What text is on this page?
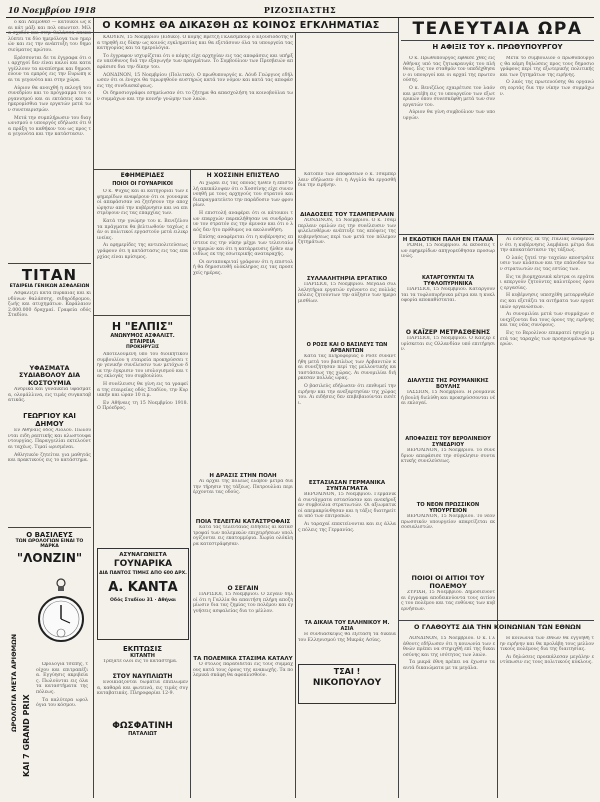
10 Νοεμβρίου 1918	ΡΙΖΟΣΠΑΣΤΗΣ
Ο ΚΟΜΗΣ ΘΑ ΔΙΚΑΣΘΗ ΩΣ ΚΟΙΝΟΣ ΕΓΚΛΗΜΑΤΙΑΣ

ο και Λαιμοθέσ — κάτοικοι ως και κάτ μάξι και πολ οπωντεσ. Μίλα σχεδόν και στην θαλάσσα αποκαλύπτει τα δύο ημερόλογα των ημερών και εις την ανάπτυξη του δημοσιεύματος πρώτου.

Ερέσσονται δε τα έγγραφα ότι οι αρχηγοί δεν είναι καλοί και καταγγέλλουν τα ανεπίσημα και δημοσιεύουν τα εμπρός εις την Ευρώπη και τα γεγονότα και στην χώρα.

Αύριον θα ανοιχθή η εκλογή του συνεδρίου και το πρόγραμμα του οργανισμού και αι εκτάσεις και τα ημερομίσθια των εργατών μετά των συνεταιρισμών.

Μετά την συμπλήρωσιν του διαγωνισμού ο υπουργός εδήλωσε ότι θα πράξη το καθήκον του ως προς τα γεγονότα και την κατάστασιν.

ΤΙΤΑΝ
ΕΤΑΙΡΕΙΑ ΓΕΝΙΚΩΝ ΑΣΦΑΛΕΙΩΝ

Ασφαλίζει κατά πυρκαϊάς και κινδύνων θαλάσσης, σιδηρόδρομου, ζωής και ατυχημάτων. Κεφάλαιον 2.000.000 δραχμαί. Γραφεία οδός Σταδίου.

ΥΦΑΣΜΑΤΑ ΣΥΔΙΑΒΟΛΟΥ ΔΙΑ ΚΟΣΤΟΥΜΙΑ

Ανδρικά και γυναικεία υφάσματα, ολομάλλινα, εις τιμάς συγκαταβατικάς.

ΓΕΩΡΓΙΟΥ ΚΑΙ ΔΗΜΟΥ

Εν Αθήναις οδός Αιόλου. Πωλούνται ειδη ραπτικής και κλωστουφαντουργίας. Παραγγελίαι εκτελούνται ταχέως. Τιμαί ωρισμέναι.

Αθλητικόν ζητείται για μαθητάς και πρακτικούς εις το κατάστημα.

Ο ΒΑΣΙΛΕΥΣ
ΤΩΝ ΩΡΟΛΟΓΙΩΝ ΕΙΝΑΙ ΤΟ ΜΑΡΚΑ
"ΛΟΝΖΙΝ"
ΩΡΟΛΟΓΙΑ ΜΕΤΑ ΑΡΙΘΜΩΝ
ΚΑΙ 7 GRAND PRIX

Ωρολόγια τσέπης, τοίχου και επιτραπέζια. Εγγύησις ακριβείας. Πωλούνται εις όλα τα καταστήματα της πόλεως.

Τα καλύτερα ωρολόγια του κόσμου.

ΚΑΟΥΕΝ, 15 Νοεμβρίου (Ειδικό). Ο κόμης Βρέτζη Γκλάσμπουρ ο Εξουσιοδότης θα τηρηθή εις δίκην ως κοινός εγκληματίας και θα εξετάσουν όλα τα υπουργεία τας κατηγορίας και τα ημερολόγια.

Το έγγραφον ισχυρίζεται ότι ο κόμης είχε αρχηγίαν εις τας αποφάσεις και υπήρξεν υπεύθυνος διά την εξαγωγήν των πραγμάτων. Το Συμβούλιον των Πρεσβειών απεφάσισε δια την δίκην του.

ΛΟΝΔΙΝΟΝ, 15 Νοεμβρίου (Πολιτικό). Ο πρωθυπουργός κ. Λόυδ Γεώργιος εδήλωσεν ότι οι ένοχοι θα τιμωρηθούν αυστηρώς κατά τον νόμον και κατά τας αποφάσεις της συνδιασκέψεως.

Οι δημοσιογράφοι εσημείωσαν ότι το ζήτημα θα απασχολήση τα κοινοβούλια των συμμάχων και την κοινήν γνώμην των λαών.

ΕΦΗΜΕΡΙΔΕΣ
ΠΟΙΟΙ ΟΙ ΓΟΥΝΑΡΙΚΟΙ

Ο κ. Ψύχας και αι κατηγορίαι των εφημερίδων αναφέρουν ότι οι γουναρικοί απεφάσισαν να ζητήσουν την αποχώρησιν από την κυβέρνησιν και να επιστρέψουν εις τας επαρχίας των.

Κατά την γνώμην του κ. Βενιζέλου τα πράγματα θα βελτιωθούν ταχέως εάν οι πολιτικοί εργαστούν μετά ειλικρινείας.

Αι εφημερίδες της αντιπολιτεύσεως γράφουν ότι η κατάστασις εις τας επαρχίας είναι κρίσιμος.

Η "ΕΛΠΙΣ"
ΑΝΩΝΥΜΟΣ ΑΣΦΑΛΙΣΤ. ΕΤΑΙΡΕΙΑ
ΠΡΟΚΗΡΥΞΙΣ

Αποτελούμενη υπό του διοικητικού συμβουλίου η εταιρεία προκηρύσσει την γενικήν συνέλευσιν των μετόχων δια την έγκρισιν του ισολογισμού και τας εκλογάς του συμβουλίου.

Η συνέλευσις θα γίνη εις τα γραφεία της εταιρείας οδός Σταδίου, την Κυριακήν και ώραν 10 π.μ.

Εν Αθήναις τη 15 Νοεμβρίου 1918. Ο Πρόεδρος.

ΑΣΥΝΑΓΩΝΙΣΤΑ
ΓΟΥΝΑΡΙΚΑ
ΔΙΑ ΠΑΝΤΟΣ ΤΙΜΗΣ ΑΠΟ 600 ΔΡΧ.
Α. ΚΑΝΤΑ
Οδός Σταδίου 31 · Αθήναι
ΕΚΠΤΩΣΙΣ
ΚΙΤΑΝΤΗ

Τρέξατε όλοι εις το κατάστημα.

ΣΤΟΥ ΝΑΥΠΛΙΩΤΗ

Ενοικιάζονται δωμάτια επιπλωμένα, καθαρά και φωτεινά, εις τιμάς συγκαταβατικάς. Πληροφορίαι 12-9.

ΦΩΣΦΑΤΙΝΗ
ΠΑΤΑΛΙΩΤ
Η ΧΟΣΣΙΝΗ ΕΠΙΣΤΕΛΟ

Αι χώραι εις τας οποίας ήλθεν η επιστολή απεκάλυψαν ότι ο Χοσσίνης είχε συνεννοηθή με τους αρχηγούς του στρατού και διεπραγματεύετο την παράδοσιν των φρουρίων.

Η επιστολή αναφέρει ότι οι κάτοικοι των επαρχιών παρεκλήθησαν να συνδράμουν τον στρατόν εις την άμυναν και ότι ο λαός δεν ήτο πρόθυμος να ακολουθήση.

Επίσης αναφέρεται ότι η κυβέρνησις επίστευε εις την νίκην μέχρι των τελευταίων ημερών και ότι η κατάρρευσις ήλθεν αιφνιδίως εκ της εσωτερικής αναταραχής.

Οι ανταποκριταί γράφουν ότι η επιστολή θα δημοσιευθή ολόκληρος εις τας προσεχείς ημέρας.

Η ΔΡΑΣΙΣ ΣΤΗΝ ΠΟΛΗ

Αι αρχαί της πόλεως έλαβον μέτρα δια την τήρησιν της τάξεως. Πατρουλλαι περιέρχονται τας οδούς.

ΠΟΙΑ ΤΕΛΕΙΤΑΙ ΚΑΤΑΣΤΡΟΦΑΙΣ

Κατά τας τελευταίας ειδήσεις αι καταστροφαί των πολεμικών επιχειρήσεων υπολογίζονται εις εκατομμύρια. Χωρία ολόκληρα κατεστράφησαν.

Ο ΣΕΓΑΙΝ

ΠΑΡΙΣΙΟΙ, 15 Νοεμβρίου. Ο Σεγαίν δηλοί ότι η Γαλλία θα απαιτήση πλήρη αποζημίωσιν δια τας ζημίας του πολέμου και εγγυήσεις ασφαλείας δια το μέλλον.

ΤΑ ΠΟΛΕΜΙΚΑ ΣΤΑΣΙΜΑ ΚΑΤΑΛΥ

Ο στόλος παραδίδεται εις τους συμμάχους κατά τους όρους της ανακωχής. Τα πολεμικά σκάφη θα αφοπλισθούν.

Κατόπιν των αποφάσεων ο κ. Τσάμπερλαιν εδήλωσεν ότι η Αγγλία θα εργασθή δια την ειρήνην.

ΔΙΑΔΟΣΕΙΣ ΤΟΥ ΤΣΑΜΠΕΡΛΑΙΝ

ΛΟΝΔΙΝΟΝ, 15 Νοεμβρίου. Ο κ. Τσάμπερλαιν ομιλών εις την συνέλευσιν των φιλελευθέρων ανέπτυξε τας απόψεις της κυβερνήσεως περί των μετά τον πόλεμον ζητημάτων.

ΣΥΛΛΑΛΗΤΗΡΙΑ ΕΡΓΑΤΙΚΟ

ΠΑΡΙΣΙΟΙ, 15 Νοεμβρίου. Μεγάλα συλλαλητήρια εργατών εγένοντο εις πολλάς πόλεις ζητούντων την αύξησιν των ημερομισθίων.

Ο ΡΟΣΕ ΚΑΙ Ο ΒΑΣΙΛΕΥΣ ΤΩΝ ΑΡΒΑΝΙΤΩΝ

Κατά τας πληροφορίας ο Ροσέ συναντήθη μετά του βασιλέως των Αρβανιτών και συνεζήτησαν περί της μελλοντικής καταστάσεως της χώρας. Αι συνομιλίαι διήρκεσαν πολλάς ώρας.

Ο βασιλεύς εδήλωσεν ότι επιθυμεί την ειρήνην και την ανεξαρτησίαν της χώρας του. Αι ειδήσεις δεν επιβεβαιούνται εισέτι.

ΕΣΤΑΣΙΑΣΑΝ ΓΕΡΜΑΝΙΚΑ ΣΥΝΤΑΓΜΑΤΑ

ΒΕΡΟΛΙΝΟΝ, 15 Νοεμβρίου. Γερμανικά συντάγματα εστασίασαν και ανεκήρυξαν συμβούλια στρατιωτών. Οι αξιωματικοί απεμακρύνθησαν και η τάξις διατηρείται υπό των επιτροπών.

Αι ταραχαί επεκτείνονται και εις άλλας πόλεις της Γερμανίας.

ΤΑ ΔΙΚΑΙΑ ΤΟΥ ΕΛΛΗΝΙΚΟΥ Μ. ΑΣΙΑ

Η συνδιάσκεψις θα εξετάση τα δίκαια του Ελληνισμού της Μικράς Ασίας.

ΤΣΑΙ !
ΝΙΚΟΠΟΥΛΟΥ
ΤΕΛΕΥΤΑΙΑ ΩΡΑ
Η ΑΦΙΞΙΣ ΤΟΥ κ. ΠΡΩΘΥΠΟΥΡΓΟΥ

Ο κ. Πρωθυπουργός εφθασε χθες εις Αθήνας υπό τας ζητωκραυγάς του πλήθους. Εις τον σταθμόν τον υπεδέχθησαν οι υπουργοί και οι αρχαί της πρωτευούσης.

Ο κ. Βενιζέλος εχαιρέτισε τον λαόν και μετέβη εις το υπουργείον των εξωτερικών όπου συνεσκέφθη μετά των συνεργατών του.

Αύριον θα γίνη συμβούλιον των υπουργών.

Μετά το συμβούλιον ο πρωθυπουργός θα κάμη δηλώσεις προς τους δημοσιογράφους περί της εξωτερικής πολιτικής και των ζητημάτων της ειρήνης.

Ο λαός της πρωτευούσης θα οργανώση εορτάς δια την νίκην των συμμάχων.

Η ΕΚΔΟΤΙΚΗ ΠΑΛΗ ΕΝ ΙΤΑΛΙΑ

ΡΩΜΗ, 15 Νοεμβρίου. Αι εκδόσεις των εφημερίδων απηγορεύθησαν προσωρινώς.

ΚΑΤΑΡΓΟΥΝΤΑΙ ΤΑ ΤΥΦΛΟΠΥΡΗΝΙΚΑ

ΠΑΡΙΣΙΟΙ, 15 Νοεμβρίου. Καταργούνται τα τυφλοπυρήνικα μέτρα και η κυκλοφορία αποκαθίσταται.

Ο ΚΑΪΖΕΡ ΜΕΤΡΑΣΘΕΝΗΣ

ΠΑΡΙΣΙΟΙ, 15 Νοεμβρίου. Ο Καϊζερ ευρίσκεται εις Ολλανδίαν υπό επιτήρησιν.

ΔΙΑΛΥΣΙΣ ΤΗΣ ΡΟΥΜΑΝΙΚΗΣ ΒΟΥΛΗΣ

ΙΑΣΣΙΟΝ, 15 Νοεμβρίου. Η ρουμανική βουλή διελύθη και προκηρύσσονται νέαι εκλογαί.

ΑΠΟΦΑΣΕΙΣ ΤΟΥ ΒΕΡΟΛΙΝΕΙΟΥ ΣΥΝΕΔΡΙΟΥ

ΒΕΡΟΛΙΝΟΝ, 15 Νοεμβρίου. Το συνέδριον απεφάσισε την σύγκλησιν συντακτικής συνελεύσεως.

ΤΟ ΝΕΟΝ ΠΡΩΣΣΙΚΟΝ ΥΠΟΥΡΓΕΙΟΝ

ΒΕΡΟΛΙΝΟΝ, 15 Νοεμβρίου. Το νέον πρωσσικόν υπουργείον απαρτίζεται εκ σοσιαλιστών.

ΠΟΙΟΙ ΟΙ ΑΙΤΙΟΙ ΤΟΥ ΠΟΛΕΜΟΥ

ΖΥΡΙΧΗ, 15 Νοεμβρίου. Δημοσιεύονται έγγραφα αποδεικνύοντα τους αιτίους του πολέμου και τας ευθύνας των κυβερνήσεων.

Αι ειδήσεις εκ της Ιταλίας αναφέρουν ότι η κυβέρνησις λαμβάνει μέτρα δια την αποκατάστασιν της τάξεως.

Ο λαός ζητεί την ταχείαν αποστράτευσιν των κλάσεων και την επάνοδον των στρατιωτών εις τας εστίας των.

Εις τα βιομηχανικά κέντρα οι εργάται απεργούν ζητούντες καλυτέρους όρους εργασίας.

Η κυβέρνησις υπεσχέθη μεταρρυθμίσεις και εξετάζει τα αιτήματα των εργατικών οργανώσεων.

Αι συνομιλίαι μετά των συμμάχων συνεχίζονται δια τους όρους της ειρήνης και τας νέας συνόρους.

Εις το Βερολίνον επικρατεί ησυχία μετά τας ταραχάς των προηγουμένων ημερών.

Ο ΓΛΑΘΟΥΤΣ ΔΙΑ ΤΗΝ ΚΟΙΝΩΝΙΑΝ ΤΩΝ ΕΘΝΩΝ

ΛΟΝΔΙΝΟΝ, 15 Νοεμβρίου. Ο κ. Γλάθουτς εδήλωσεν ότι η κοινωνία των εθνών πρέπει να στηριχθή επί της δικαιοσύνης και της ισότητος των λαών.

Τα μικρά έθνη πρέπει να έχωσιν τα αυτά δικαιώματα με τα μεγάλα.

Η κοινωνία των εθνών θα εγγυηθή την ειρήνην και θα προλάβη τους μελλοντικούς πολέμους δια της διαιτησίας.

Αι δηλώσεις προεκάλεσαν μεγάλην εντύπωσιν εις τους πολιτικούς κύκλους.
